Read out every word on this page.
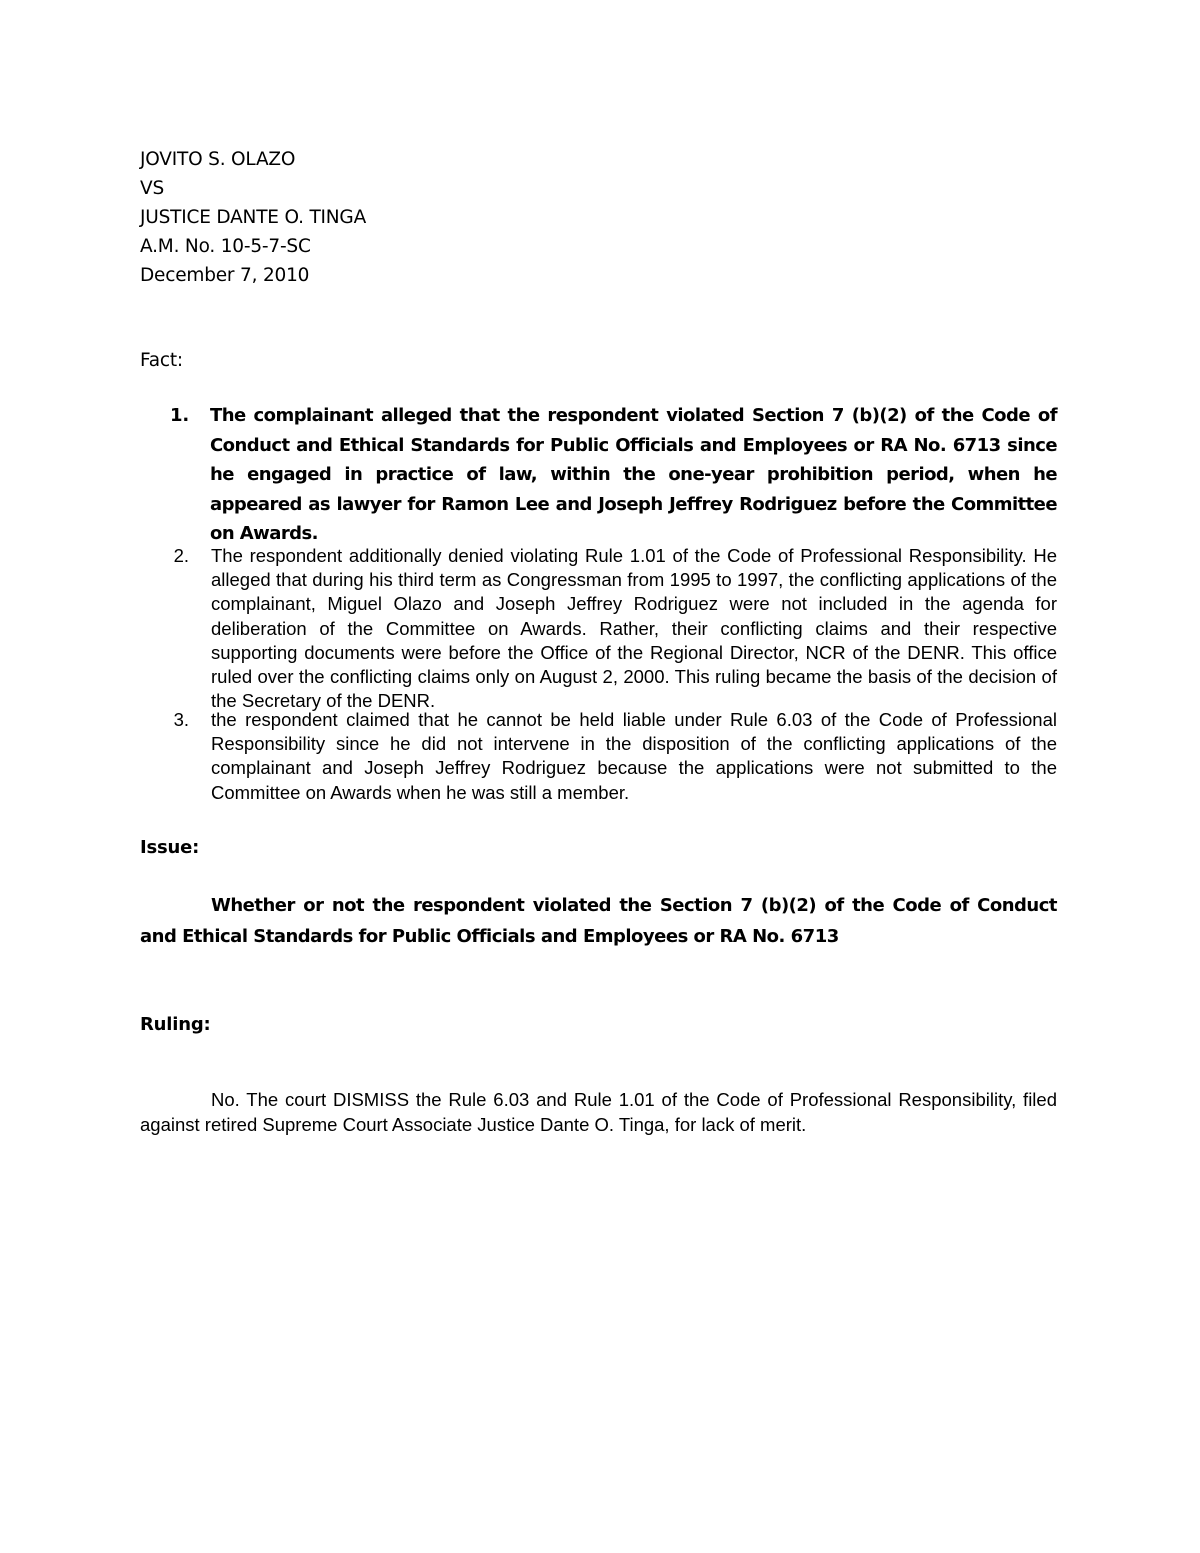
JOVITO S. OLAZO
VS
JUSTICE DANTE O. TINGA
A.M. No. 10-5-7-SC
December 7, 2010
Fact:
1. The complainant alleged that the respondent violated Section 7 (b)(2) of the Code of Conduct and Ethical Standards for Public Officials and Employees or RA No. 6713 since he engaged in practice of law, within the one-year prohibition period, when he appeared as lawyer for Ramon Lee and Joseph Jeffrey Rodriguez before the Committee on Awards.
2. The respondent additionally denied violating Rule 1.01 of the Code of Professional Responsibility. He alleged that during his third term as Congressman from 1995 to 1997, the conflicting applications of the complainant, Miguel Olazo and Joseph Jeffrey Rodriguez were not included in the agenda for deliberation of the Committee on Awards. Rather, their conflicting claims and their respective supporting documents were before the Office of the Regional Director, NCR of the DENR. This office ruled over the conflicting claims only on August 2, 2000. This ruling became the basis of the decision of the Secretary of the DENR.
3. the respondent claimed that he cannot be held liable under Rule 6.03 of the Code of Professional Responsibility since he did not intervene in the disposition of the conflicting applications of the complainant and Joseph Jeffrey Rodriguez because the applications were not submitted to the Committee on Awards when he was still a member.
Issue:
Whether or not the respondent violated the Section 7 (b)(2) of the Code of Conduct and Ethical Standards for Public Officials and Employees or RA No. 6713
Ruling:
No. The court DISMISS the Rule 6.03 and Rule 1.01 of the Code of Professional Responsibility, filed against retired Supreme Court Associate Justice Dante O. Tinga, for lack of merit.
